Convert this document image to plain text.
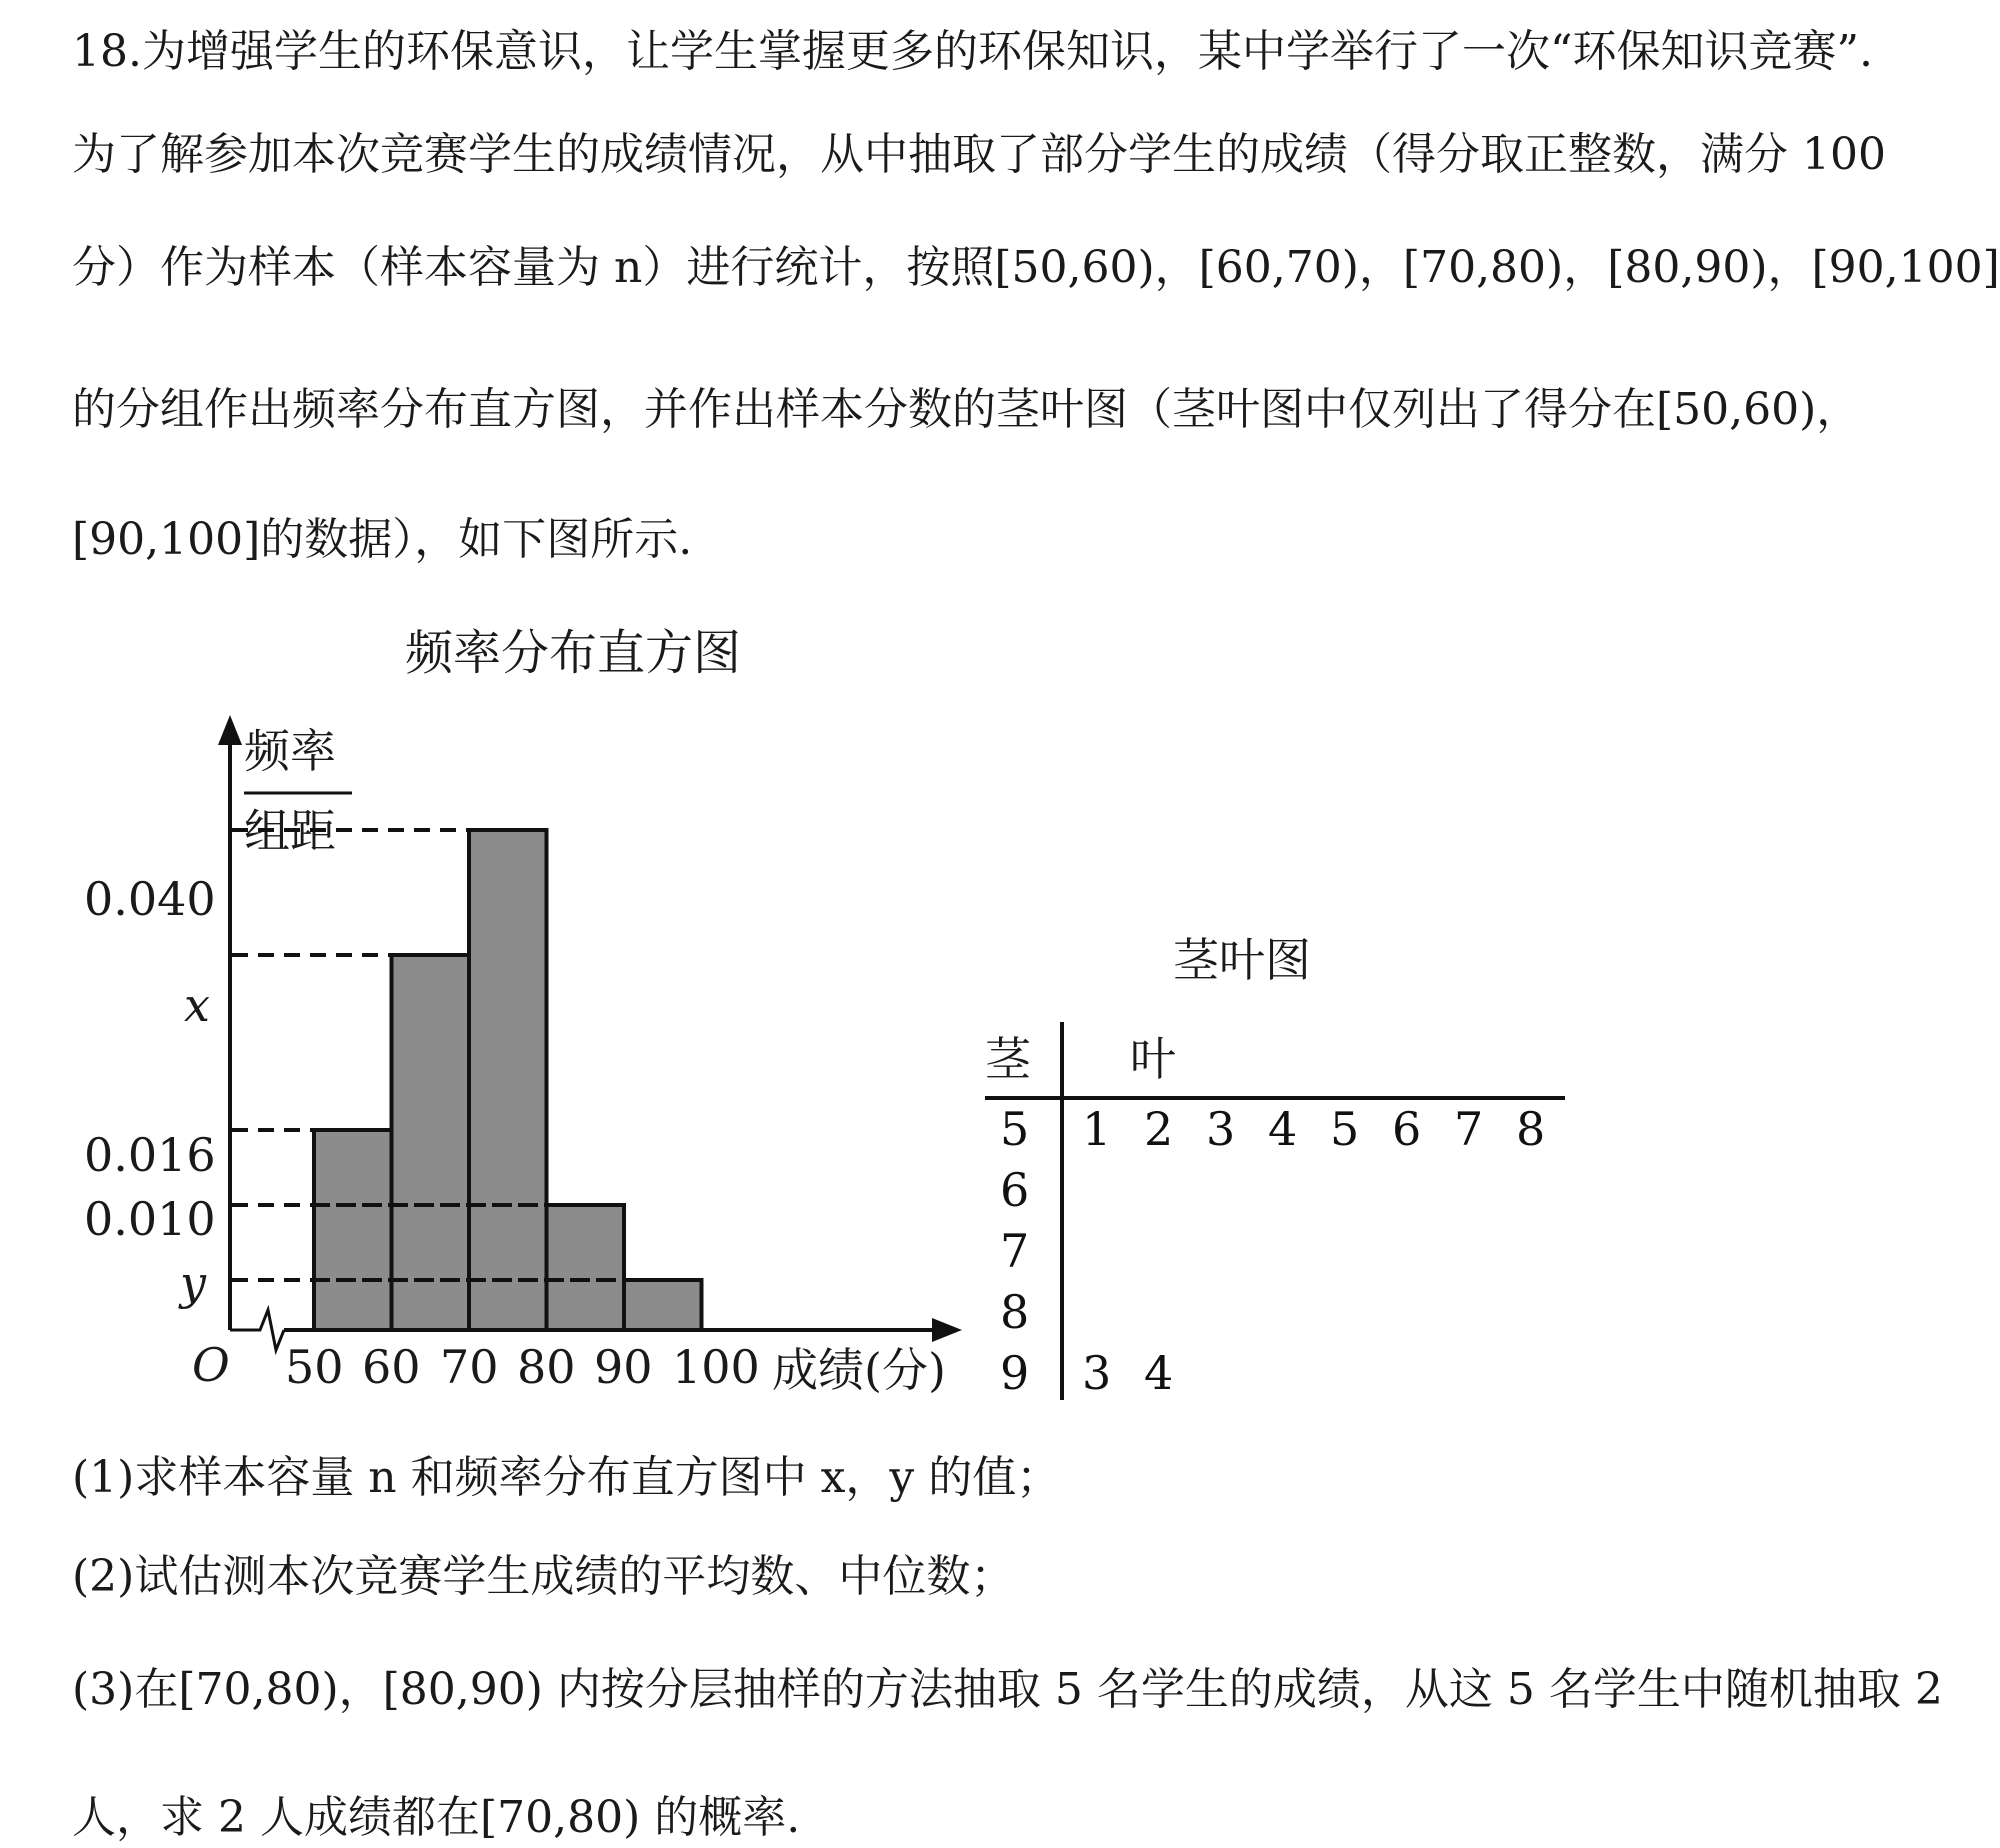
18.为增强学生的环保意识，让学生掌握更多的环保知识，某中学举行了一次“环保知识竞赛”.
为了解参加本次竞赛学生的成绩情况，从中抽取了部分学生的成绩（得分取正整数，满分 100
分）作为样本（样本容量为 n）进行统计，按照[50,60)，[60,70)，[70,80)，[80,90)，[90,100]
的分组作出频率分布直方图，并作出样本分数的茎叶图（茎叶图中仅列出了得分在[50,60)，
[90,100]的数据），如下图所示.
频率分布直方图
频率
组距
0.040
x
0.016
0.010
y
O 50 60 70 80 90 100 成绩(分)
茎叶图
茎 叶
5 1 2 3 4 5 6 7 8
6
7
8
9 3 4
(1)求样本容量 n 和频率分布直方图中 x，y 的值；
(2)试估测本次竞赛学生成绩的平均数、中位数；
(3)在[70,80)，[80,90) 内按分层抽样的方法抽取 5 名学生的成绩，从这 5 名学生中随机抽取 2
人，求 2 人成绩都在[70,80) 的概率.
